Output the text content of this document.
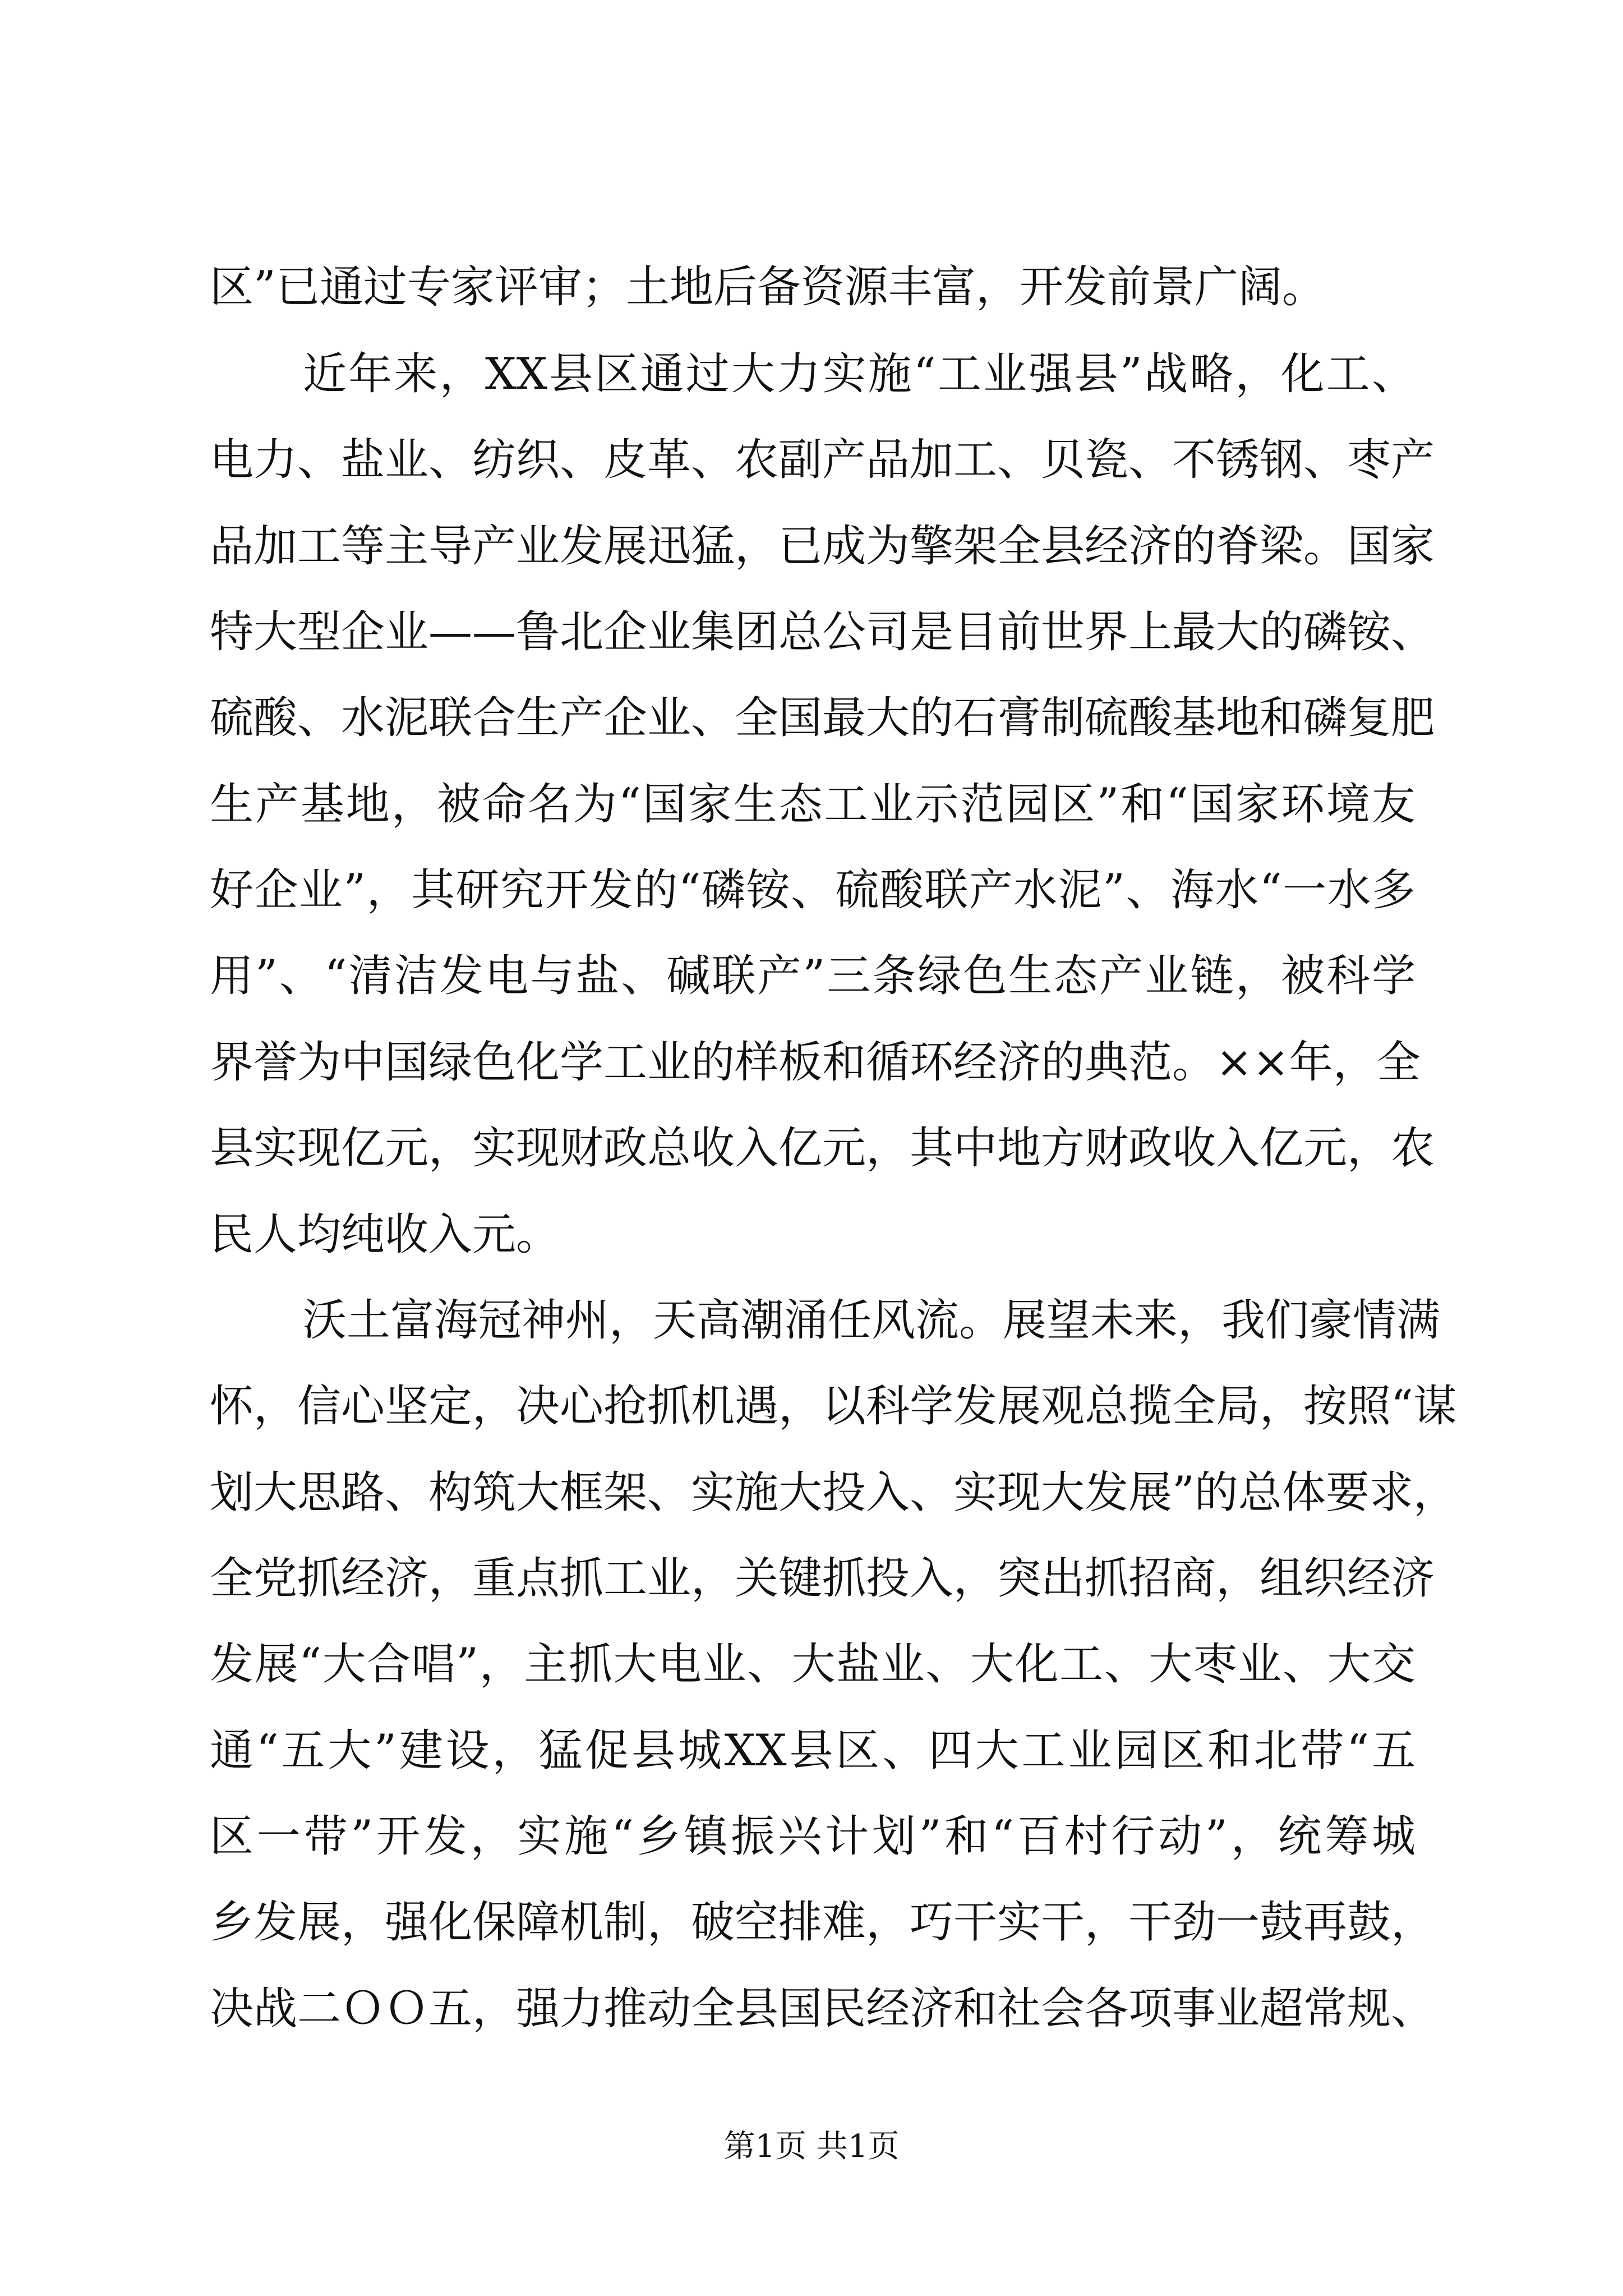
区”已通过专家评审；土地后备资源丰富，开发前景广阔。
近年来，XX县区通过大力实施“工业强县”战略，化工、
电力、盐业、纺织、皮革、农副产品加工、贝瓷、不锈钢、枣产
品加工等主导产业发展迅猛，已成为擎架全县经济的脊梁。国家
特大型企业——鲁北企业集团总公司是目前世界上最大的磷铵、
硫酸、水泥联合生产企业、全国最大的石膏制硫酸基地和磷复肥
生产基地，被命名为“国家生态工业示范园区”和“国家环境友
好企业”，其研究开发的“磷铵、硫酸联产水泥”、海水“一水多
用”、“清洁发电与盐、碱联产”三条绿色生态产业链，被科学
界誉为中国绿色化学工业的样板和循环经济的典范。××年，全
县实现亿元，实现财政总收入亿元，其中地方财政收入亿元，农
民人均纯收入元。
沃土富海冠神州，天高潮涌任风流。展望未来，我们豪情满
怀，信心坚定，决心抢抓机遇，以科学发展观总揽全局，按照“谋
划大思路、构筑大框架、实施大投入、实现大发展”的总体要求，
全党抓经济，重点抓工业，关键抓投入，突出抓招商，组织经济
发展“大合唱”，主抓大电业、大盐业、大化工、大枣业、大交
通“五大”建设，猛促县城XX县区、四大工业园区和北带“五
区一带”开发，实施“乡镇振兴计划”和“百村行动”，统筹城
乡发展，强化保障机制，破空排难，巧干实干，干劲一鼓再鼓，
决战二ＯＯ五，强力推动全县国民经济和社会各项事业超常规、
第1页 共1页
